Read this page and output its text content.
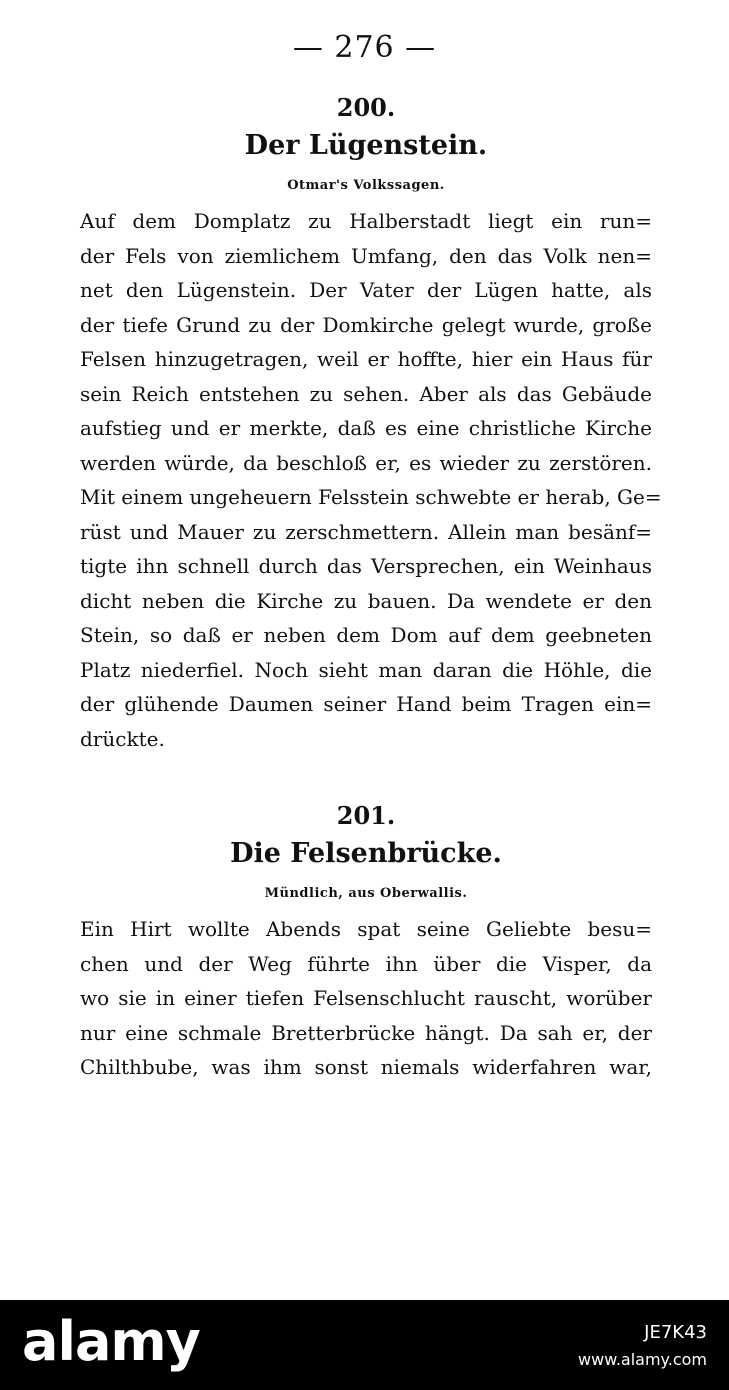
— 276 —
200.
Der Lügenstein.
Otmar's Volkssagen.
Auf dem Domplatz zu Halberstadt liegt ein run=
der Fels von ziemlichem Umfang, den das Volk nen=
net den Lügenstein. Der Vater der Lügen hatte, als
der tiefe Grund zu der Domkirche gelegt wurde, große
Felsen hinzugetragen, weil er hoffte, hier ein Haus für
sein Reich entstehen zu sehen. Aber als das Gebäude
aufstieg und er merkte, daß es eine christliche Kirche
werden würde, da beschloß er, es wieder zu zerstören.
Mit einem ungeheuern Felsstein schwebte er herab, Ge=
rüst und Mauer zu zerschmettern. Allein man besänf=
tigte ihn schnell durch das Versprechen, ein Weinhaus
dicht neben die Kirche zu bauen. Da wendete er den
Stein, so daß er neben dem Dom auf dem geebneten
Platz niederfiel. Noch sieht man daran die Höhle, die
der glühende Daumen seiner Hand beim Tragen ein=
drückte.
201.
Die Felsenbrücke.
Mündlich, aus Oberwallis.
Ein Hirt wollte Abends spat seine Geliebte besu=
chen und der Weg führte ihn über die Visper, da
wo sie in einer tiefen Felsenschlucht rauscht, worüber
nur eine schmale Bretterbrücke hängt. Da sah er, der
Chilthbube, was ihm sonst niemals widerfahren war,
alamy	JE7K43
www.alamy.com
